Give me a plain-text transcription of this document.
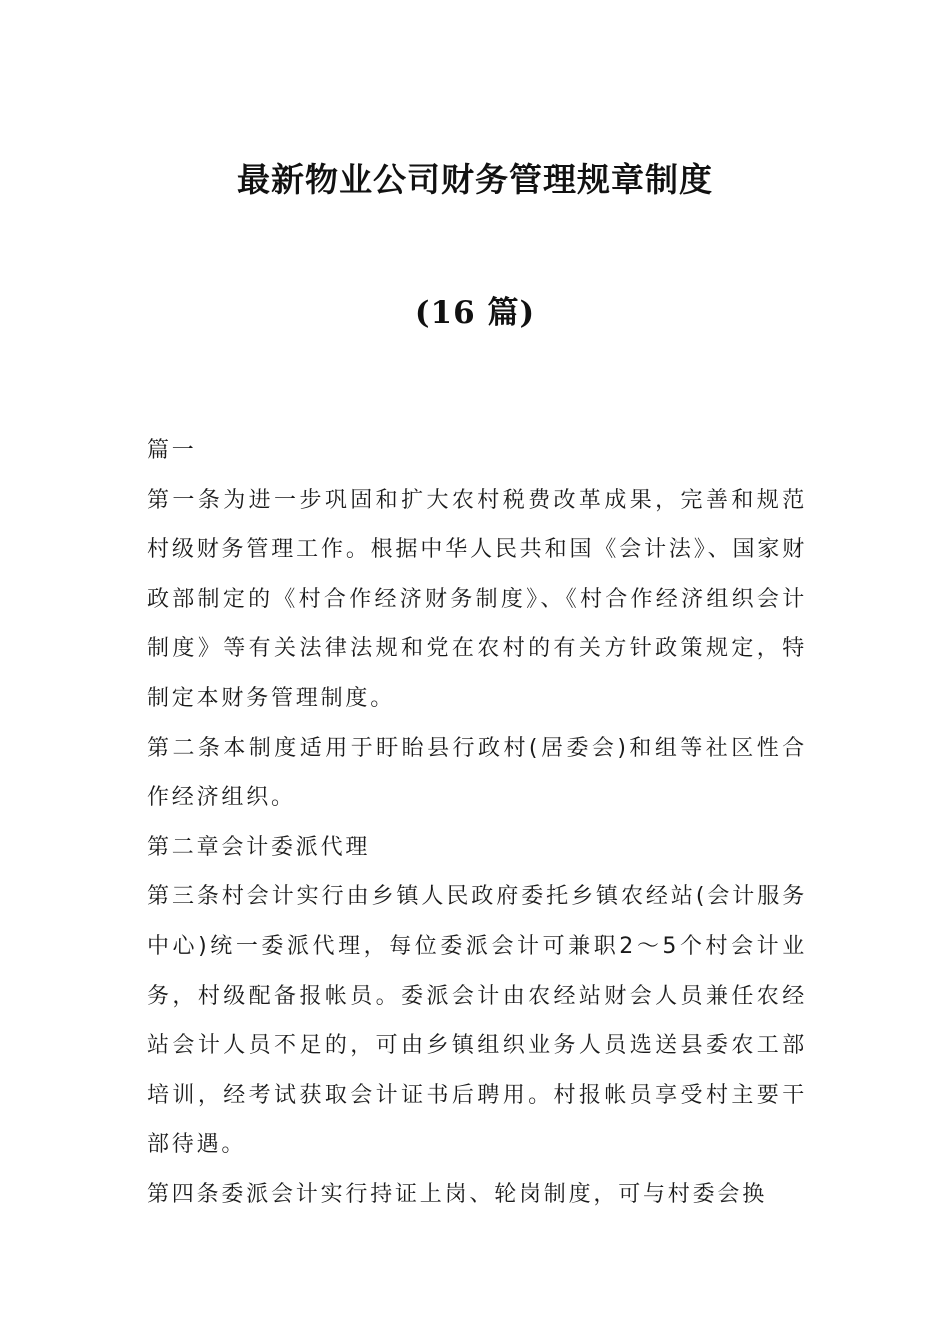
最新物业公司财务管理规章制度
(16 篇)

篇一

第一条为进一步巩固和扩大农村税费改革成果，完善和规范村级财务管理工作。根据中华人民共和国《会计法》、国家财政部制定的《村合作经济财务制度》、《村合作经济组织会计制度》等有关法律法规和党在农村的有关方针政策规定，特制定本财务管理制度。

第二条本制度适用于盱眙县行政村(居委会)和组等社区性合作经济组织。

第二章会计委派代理

第三条村会计实行由乡镇人民政府委托乡镇农经站(会计服务中心)统一委派代理，每位委派会计可兼职2～5个村会计业务，村级配备报帐员。委派会计由农经站财会人员兼任农经站会计人员不足的，可由乡镇组织业务人员选送县委农工部培训，经考试获取会计证书后聘用。村报帐员享受村主要干部待遇。

第四条委派会计实行持证上岗、轮岗制度，可与村委会换
